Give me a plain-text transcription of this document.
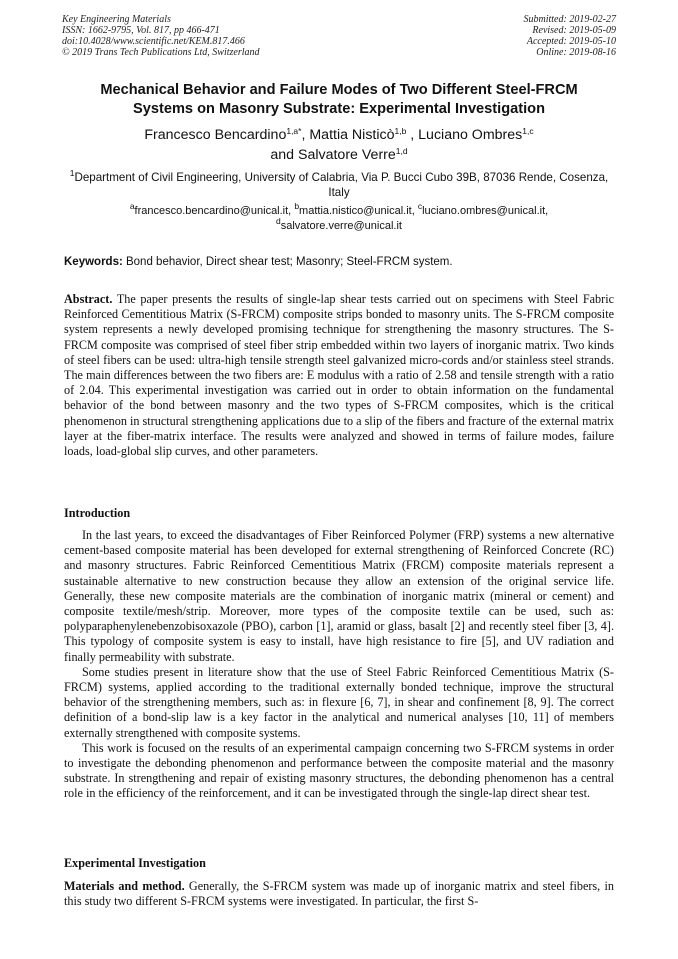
Key Engineering Materials
ISSN: 1662-9795, Vol. 817, pp 466-471
doi:10.4028/www.scientific.net/KEM.817.466
© 2019 Trans Tech Publications Ltd, Switzerland
Submitted: 2019-02-27
Revised: 2019-05-09
Accepted: 2019-05-10
Online: 2019-08-16
Mechanical Behavior and Failure Modes of Two Different Steel-FRCM
Systems on Masonry Substrate: Experimental Investigation
Francesco Bencardino$^{1,a*}$, Mattia Nisticò$^{1,b}$ , Luciano Ombres$^{1,c}$
and Salvatore Verre$^{1,d}$
$^1$Department of Civil Engineering, University of Calabria, Via P. Bucci Cubo 39B, 87036 Rende, Cosenza, Italy
$^a$francesco.bencardino@unical.it, $^b$mattia.nistico@unical.it, $^c$luciano.ombres@unical.it,
$^d$salvatore.verre@unical.it
Keywords: Bond behavior, Direct shear test; Masonry; Steel-FRCM system.

Abstract. The paper presents the results of single-lap shear tests carried out on specimens with Steel Fabric Reinforced Cementitious Matrix (S-FRCM) composite strips bonded to masonry units. The S-FRCM composite system represents a newly developed promising technique for strengthening the masonry structures. The S-FRCM composite was comprised of steel fiber strip embedded within two layers of inorganic matrix. Two kinds of steel fibers can be used: ultra-high tensile strength steel galvanized micro-cords and/or stainless steel strands. The main differences between the two fibers are: E modulus with a ratio of 2.58 and tensile strength with a ratio of 2.04. This experimental investigation was carried out in order to obtain information on the fundamental behavior of the bond between masonry and the two types of S-FRCM composites, which is the critical phenomenon in structural strengthening applications due to a slip of the fibers and fracture of the external matrix layer at the fiber-matrix interface. The results were analyzed and showed in terms of failure modes, failure loads, load-global slip curves, and other parameters.

Introduction

In the last years, to exceed the disadvantages of Fiber Reinforced Polymer (FRP) systems a new alternative cement-based composite material has been developed for external strengthening of Reinforced Concrete (RC) and masonry structures. Fabric Reinforced Cementitious Matrix (FRCM) composite materials represent a sustainable alternative to new construction because they allow an extension of the original service life. Generally, these new composite materials are the combination of inorganic matrix (mineral or cement) and composite textile/mesh/strip. Moreover, more types of the composite textile can be used, such as: polyparaphenylenebenzobisoxazole (PBO), carbon [1], aramid or glass, basalt [2] and recently steel fiber [3, 4]. This typology of composite system is easy to install, have high resistance to fire [5], and UV radiation and finally permeability with substrate.

Some studies present in literature show that the use of Steel Fabric Reinforced Cementitious Matrix (S-FRCM) systems, applied according to the traditional externally bonded technique, improve the structural behavior of the strengthening members, such as: in flexure [6, 7], in shear and confinement [8, 9]. The correct definition of a bond-slip law is a key factor in the analytical and numerical analyses [10, 11] of members externally strengthened with composite systems.

This work is focused on the results of an experimental campaign concerning two S-FRCM systems in order to investigate the debonding phenomenon and performance between the composite material and the masonry substrate. In strengthening and repair of existing masonry structures, the debonding phenomenon has a central role in the efficiency of the reinforcement, and it can be investigated through the single-lap direct shear test.

Experimental Investigation

Materials and method. Generally, the S-FRCM system was made up of inorganic matrix and steel fibers, in this study two different S-FRCM systems were investigated. In particular, the first S-
